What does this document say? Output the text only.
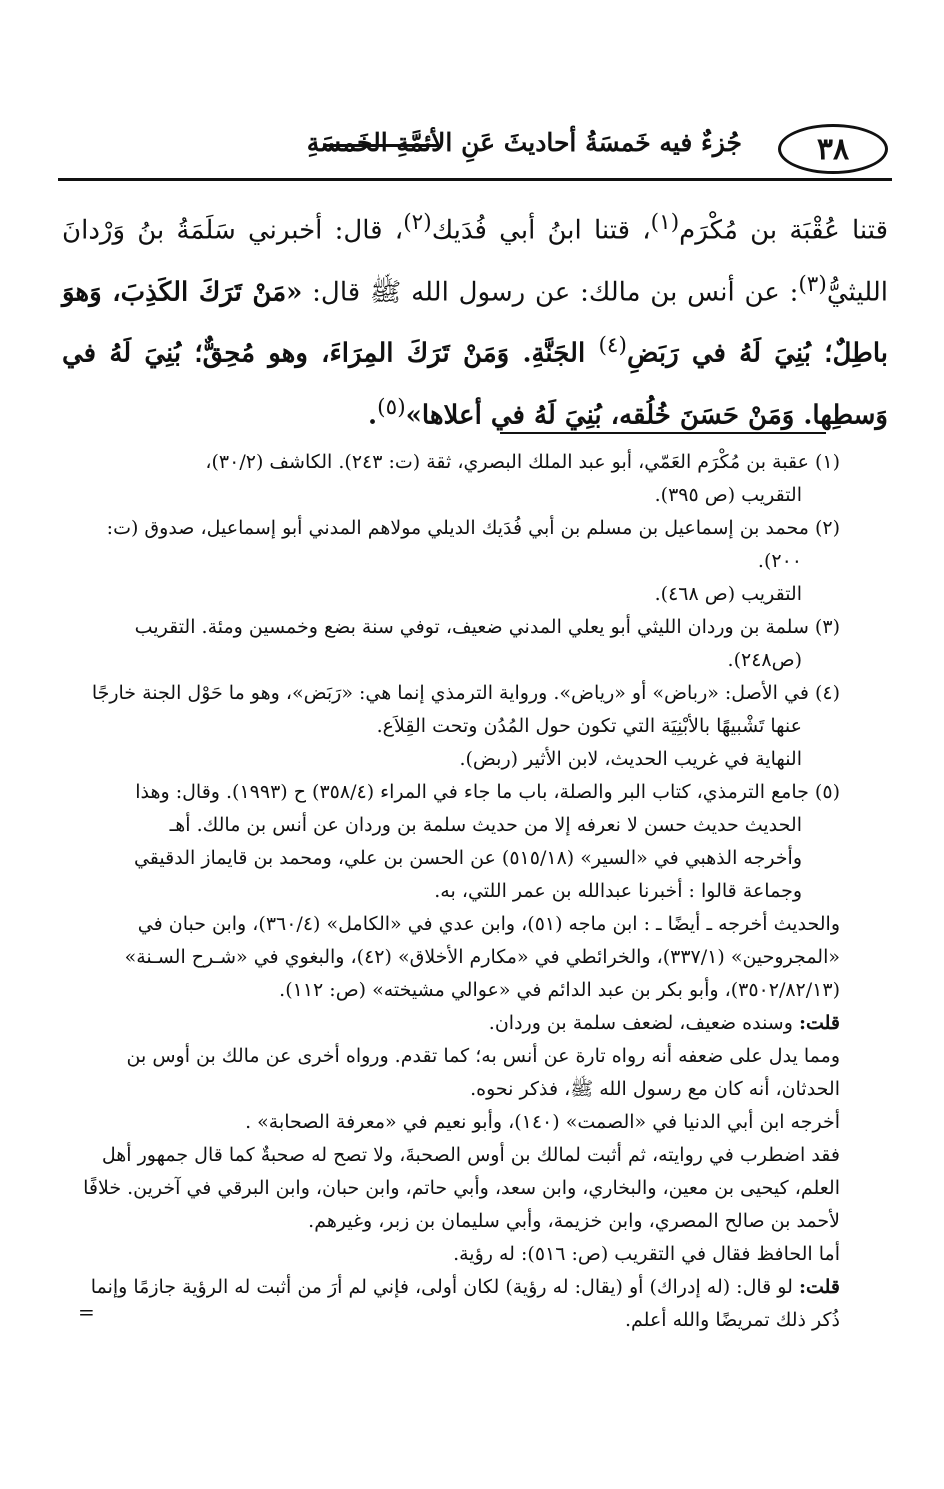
٣٨
جُزءٌ فيه خَمسَةُ أحاديثَ عَنِ الأئمَّةِ الخَمسَةِ

قتنا عُقْبَة بن مُكْرَم$^{(١)}$، قتنا ابنُ أبي فُدَيك$^{(٢)}$، قال: أخبرني سَلَمَةُ بنُ وَرْدانَ الليثيُّ$^{(٣)}$: عن أنس بن مالك: عن رسول الله ﷺ قال: «مَنْ تَرَكَ الكَذِبَ، وَهوَ باطِلٌ؛ بُنِيَ لَهُ في رَبَضِ$^{(٤)}$ الجَنَّةِ. وَمَنْ تَرَكَ المِرَاءَ، وهو مُحِقٌّ؛ بُنِيَ لَهُ في وَسطِها. وَمَنْ حَسَنَ خُلُقه، بُنِيَ لَهُ في أعلاها»$^{(٥)}$.

(١) عقبة بن مُكْرَم العَمّي، أبو عبد الملك البصري، ثقة (ت: ٢٤٣). الكاشف (٣٠/٢)،

التقريب (ص ٣٩٥).

(٢) محمد بن إسماعيل بن مسلم بن أبي فُدَيك الديلي مولاهم المدني أبو إسماعيل، صدوق (ت: ٢٠٠).

التقريب (ص ٤٦٨).

(٣) سلمة بن وردان الليثي أبو يعلي المدني ضعيف، توفي سنة بضع وخمسين ومئة. التقريب (ص٢٤٨).

(٤) في الأصل: «رباض» أو «رياض». ورواية الترمذي إنما هي: «رَبَض»، وهو ما حَوْل الجنة خارجًا عنها تَشْبيهًا بالأبْنِيَة التي تكون حول المُدُن وتحت القِلاَع.

النهاية في غريب الحديث، لابن الأثير (ربض).

(٥) جامع الترمذي، كتاب البر والصلة، باب ما جاء في المراء (٣٥٨/٤) ح (١٩٩٣). وقال: وهذا الحديث حديث حسن لا نعرفه إلا من حديث سلمة بن وردان عن أنس بن مالك. أهـ

وأخرجه الذهبي في «السير» (٥١٥/١٨) عن الحسن بن علي، ومحمد بن قايماز الدقيقي وجماعة قالوا : أخبرنا عبدالله بن عمر اللتي، به.

والحديث أخرجه ـ أيضًا ـ : ابن ماجه (٥١)، وابن عدي في «الكامل» (٣٦٠/٤)، وابن حبان في «المجروحين» (٣٣٧/١)، والخرائطي في «مكارم الأخلاق» (٤٢)، والبغوي في «شـرح السـنة» (٣٥٠٢/٨٢/١٣)، وأبو بكر بن عبد الدائم في «عوالي مشيخته» (ص: ١١٢).

قلت: وسنده ضعيف، لضعف سلمة بن وردان.

ومما يدل على ضعفه أنه رواه تارة عن أنس به؛ كما تقدم. ورواه أخرى عن مالك بن أوس بن الحدثان، أنه كان مع رسول الله ﷺ، فذكر نحوه.

أخرجه ابن أبي الدنيا في «الصمت» (١٤٠)، وأبو نعيم في «معرفة الصحابة» .

فقد اضطرب في روايته، ثم أثبت لمالك بن أوس الصحبةَ، ولا تصح له صحبةٌ كما قال جمهور أهل العلم، كيحيى بن معين، والبخاري، وابن سعد، وأبي حاتم، وابن حبان، وابن البرقي في آخرين. خلافًا لأحمد بن صالح المصري، وابن خزيمة، وأبي سليمان بن زبر، وغيرهم.

أما الحافظ فقال في التقريب (ص: ٥١٦): له رؤية.

قلت: لو قال: (له إدراك) أو (يقال: له رؤية) لكان أولى، فإني لم أرَ من أثبت له الرؤية جازمًا وإنما ذُكر ذلك تمريضًا والله أعلم.

=
